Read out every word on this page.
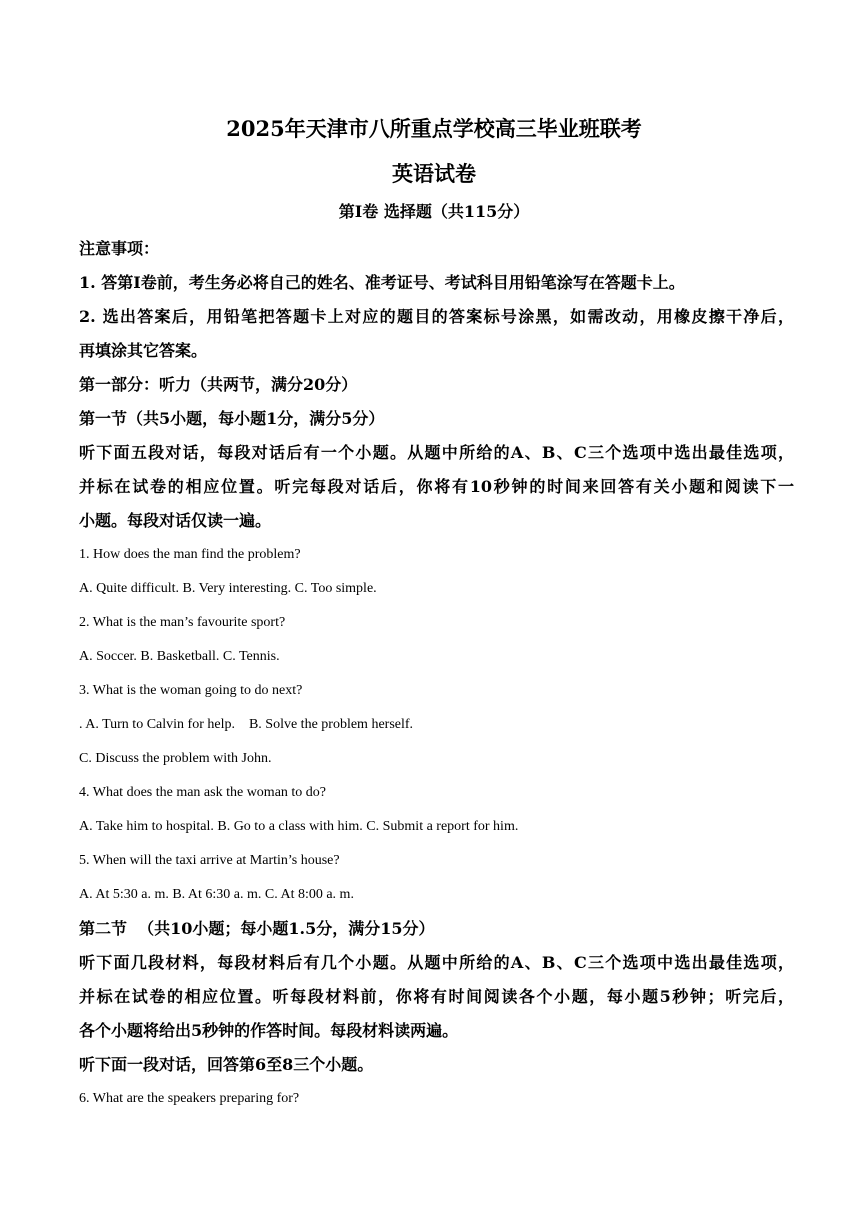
2025年天津市八所重点学校高三毕业班联考
英语试卷
第Ⅰ卷 选择题（共115分）
注意事项：
1. 答第Ⅰ卷前，考生务必将自己的姓名、准考证号、考试科目用铅笔涂写在答题卡上。
2. 选出答案后，用铅笔把答题卡上对应的题目的答案标号涂黑，如需改动，用橡皮擦干净后，
再填涂其它答案。
第一部分：听力（共两节，满分20分）
第一节（共5小题，每小题1分，满分5分）
听下面五段对话，每段对话后有一个小题。从题中所给的A、B、C三个选项中选出最佳选项，
并标在试卷的相应位置。听完每段对话后，你将有10秒钟的时间来回答有关小题和阅读下一
小题。每段对话仅读一遍。
1. How does the man find the problem?
A. Quite difficult. B. Very interesting. C. Too simple.
2. What is the man’s favourite sport?
A. Soccer. B. Basketball. C. Tennis.
3. What is the woman going to do next?
. A. Turn to Calvin for help.    B. Solve the problem herself.
C. Discuss the problem with John.
4. What does the man ask the woman to do?
A. Take him to hospital. B. Go to a class with him. C. Submit a report for him.
5. When will the taxi arrive at Martin’s house?
A. At 5:30 a. m. B. At 6:30 a. m. C. At 8:00 a. m.
第二节  （共10小题；每小题1.5分，满分15分）
听下面几段材料，每段材料后有几个小题。从题中所给的A、B、C三个选项中选出最佳选项，
并标在试卷的相应位置。听每段材料前，你将有时间阅读各个小题，每小题5秒钟；听完后，
各个小题将给出5秒钟的作答时间。每段材料读两遍。
听下面一段对话，回答第6至8三个小题。
6. What are the speakers preparing for?
